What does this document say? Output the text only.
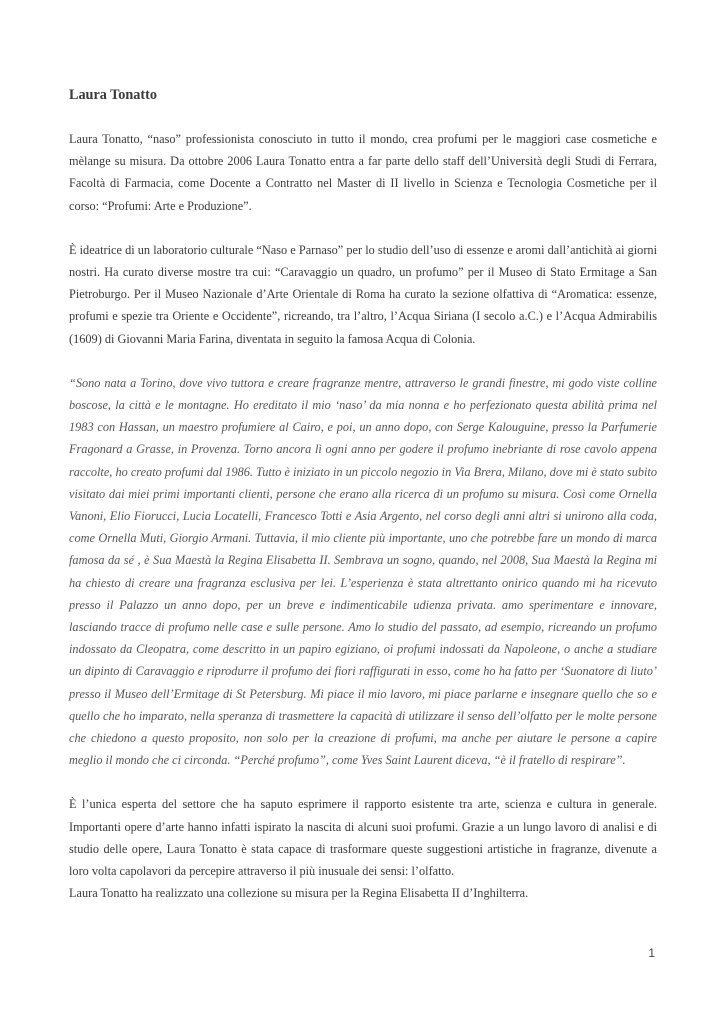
Laura Tonatto

Laura Tonatto, “naso” professionista conosciuto in tutto il mondo, crea profumi per le maggiori case cosmetiche e mèlange su misura. Da ottobre 2006 Laura Tonatto entra a far parte dello staff dell’Università degli Studi di Ferrara, Facoltà di Farmacia, come Docente a Contratto nel Master di II livello in Scienza e Tecnologia Cosmetiche per il corso: “Profumi: Arte e Produzione”.

È ideatrice di un laboratorio culturale “Naso e Parnaso” per lo studio dell’uso di essenze e aromi dall’antichità ai giorni nostri. Ha curato diverse mostre tra cui: “Caravaggio un quadro, un profumo” per il Museo di Stato Ermitage a San Pietroburgo. Per il Museo Nazionale d’Arte Orientale di Roma ha curato la sezione olfattiva di “Aromatica: essenze, profumi e spezie tra Oriente e Occidente”, ricreando, tra l’altro, l’Acqua Siriana (I secolo a.C.) e l’Acqua Admirabilis (1609) di Giovanni Maria Farina, diventata in seguito la famosa Acqua di Colonia.

“Sono nata a Torino, dove vivo tuttora e creare fragranze mentre, attraverso le grandi finestre, mi godo viste colline boscose, la città e le montagne. Ho ereditato il mio ‘naso’ da mia nonna e ho perfezionato questa abilità prima nel 1983 con Hassan, un maestro profumiere al Cairo, e poi, un anno dopo, con Serge Kalouguine, presso la Parfumerie Fragonard a Grasse, in Provenza. Torno ancora lì ogni anno per godere il profumo inebriante di rose cavolo appena raccolte, ho creato profumi dal 1986. Tutto è iniziato in un piccolo negozio in Via Brera, Milano, dove mi è stato subito visitato dai miei primi importanti clienti, persone che erano alla ricerca di un profumo su misura. Così come Ornella Vanoni, Elio Fiorucci, Lucia Locatelli, Francesco Totti e Asia Argento, nel corso degli anni altri si unirono alla coda, come Ornella Muti, Giorgio Armani. Tuttavia, il mio cliente più importante, uno che potrebbe fare un mondo di marca famosa da sé , è Sua Maestà la Regina Elisabetta II. Sembrava un sogno, quando, nel 2008, Sua Maestà la Regina mi ha chiesto di creare una fragranza esclusiva per lei. L’esperienza è stata altrettanto onirico quando mi ha ricevuto presso il Palazzo un anno dopo, per un breve e indimenticabile udienza privata. amo sperimentare e innovare, lasciando tracce di profumo nelle case e sulle persone. Amo lo studio del passato, ad esempio, ricreando un profumo indossato da Cleopatra, come descritto in un papiro egiziano, oi profumi indossati da Napoleone, o anche a studiare un dipinto di Caravaggio e riprodurre il profumo dei fiori raffigurati in esso, come ho ha fatto per ‘Suonatore di liuto’ presso il Museo dell’Ermitage di St Petersburg. Mi piace il mio lavoro, mi piace parlarne e insegnare quello che so e quello che ho imparato, nella speranza di trasmettere la capacità di utilizzare il senso dell’olfatto per le molte persone che chiedono a questo proposito, non solo per la creazione di profumi, ma anche per aiutare le persone a capire meglio il mondo che ci circonda. “Perché profumo”, come Yves Saint Laurent diceva, “è il fratello di respirare”.

È l’unica esperta del settore che ha saputo esprimere il rapporto esistente tra arte, scienza e cultura in generale. Importanti opere d’arte hanno infatti ispirato la nascita di alcuni suoi profumi. Grazie a un lungo lavoro di analisi e di studio delle opere, Laura Tonatto è stata capace di trasformare queste suggestioni artistiche in fragranze, divenute a loro volta capolavori da percepire attraverso il più inusuale dei sensi: l’olfatto.

Laura Tonatto ha realizzato una collezione su misura per la Regina Elisabetta II d’Inghilterra.

1
